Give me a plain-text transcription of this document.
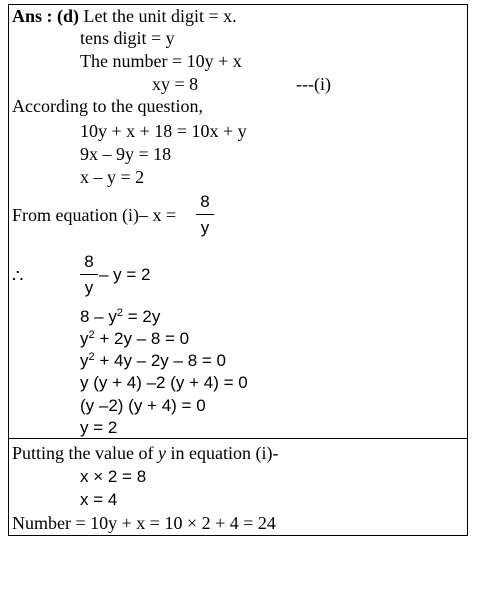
Ans : (d) Let the unit digit = x.
tens digit = y
The number = 10y + x
xy = 8	---(i)
According to the question,
10y + x + 18 = 10x + y
9x – 9y = 18
x – y = 2
From equation (i)– x =
8
y
∴
8
y
– y = 2
$8 - y^2 = 2y$
$y^2 + 2y - 8 = 0$
$y^2 + 4y - 2y - 8 = 0$
y (y + 4) –2 (y + 4) = 0
(y –2) (y + 4) = 0
y = 2
Putting the value of y in equation (i)-
x × 2 = 8
x = 4
Number = 10y + x = 10 × 2 + 4 = 24
